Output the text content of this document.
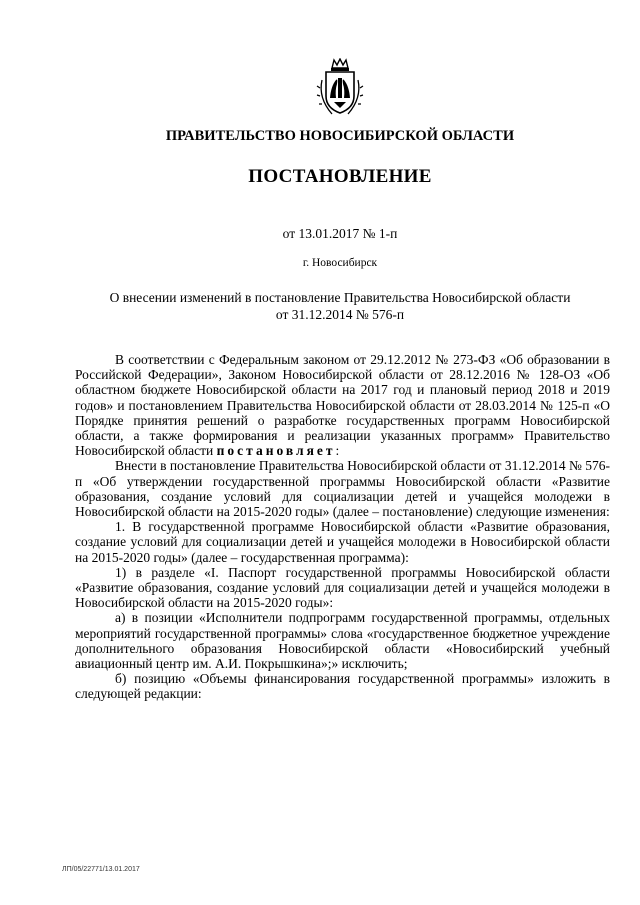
ПРАВИТЕЛЬСТВО НОВОСИБИРСКОЙ ОБЛАСТИ
ПОСТАНОВЛЕНИЕ
от 13.01.2017 № 1-п
г. Новосибирск
О внесении изменений в постановление Правительства Новосибирской области
от 31.12.2014 № 576-п

В соответствии с Федеральным законом от 29.12.2012 № 273-ФЗ «Об образовании в Российской Федерации», Законом Новосибирской области от 28.12.2016 № 128-ОЗ «Об областном бюджете Новосибирской области на 2017 год и плановый период 2018 и 2019 годов» и постановлением Правительства Новосибирской области от 28.03.2014 № 125-п «О Порядке принятия решений о разработке государственных программ Новосибирской области, а также формирования и реализации указанных программ» Правительство Новосибирской области постановляет:

Внести в постановление Правительства Новосибирской области от 31.12.2014 № 576-п «Об утверждении государственной программы Новосибирской области «Развитие образования, создание условий для социализации детей и учащейся молодежи в Новосибирской области на 2015-2020 годы» (далее – постановление) следующие изменения:

1. В государственной программе Новосибирской области «Развитие образования, создание условий для социализации детей и учащейся молодежи в Новосибирской области на 2015-2020 годы» (далее – государственная программа):

1) в разделе «I. Паспорт государственной программы Новосибирской области «Развитие образования, создание условий для социализации детей и учащейся молодежи в Новосибирской области на 2015-2020 годы»:

а) в позиции «Исполнители подпрограмм государственной программы, отдельных мероприятий государственной программы» слова «государственное бюджетное учреждение дополнительного образования Новосибирской области «Новосибирский учебный авиационный центр им. А.И. Покрышкина»;» исключить;

б) позицию «Объемы финансирования государственной программы» изложить в следующей редакции:

ЛП/05/22771/13.01.2017
